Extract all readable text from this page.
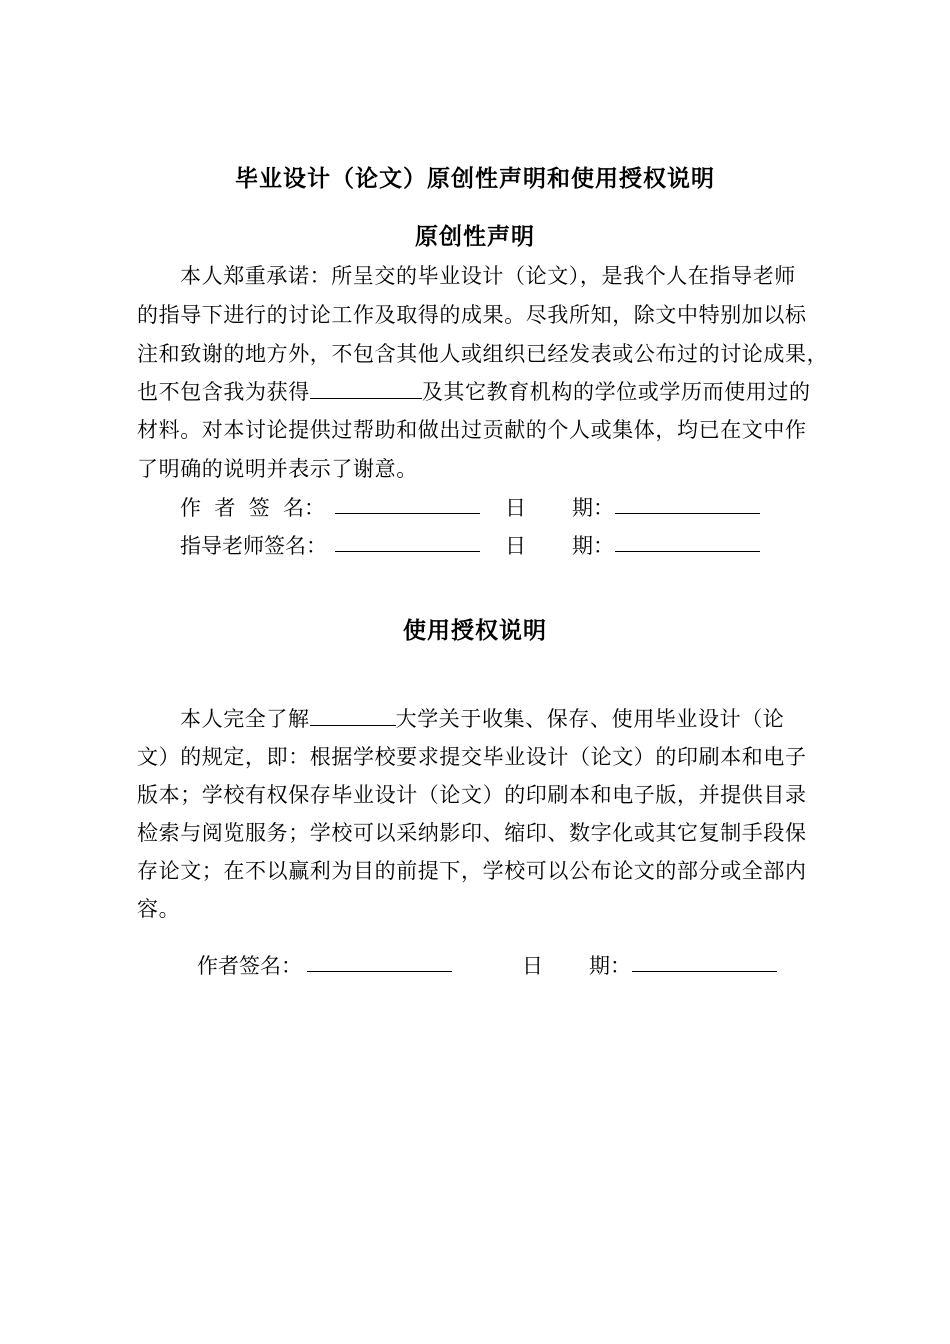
毕业设计（论文）原创性声明和使用授权说明
原创性声明
本人郑重承诺：所呈交的毕业设计（论文），是我个人在指导老师
的指导下进行的讨论工作及取得的成果。尽我所知，除文中特别加以标
注和致谢的地方外，不包含其他人或组织已经发表或公布过的讨论成果，
也不包含我为获得	及其它教育机构的学位或学历而使用过的
材料。对本讨论提供过帮助和做出过贡献的个人或集体，均已在文中作
了明确的说明并表示了谢意。
作  者  签  名：	日 期：
指导老师签名：	日 期：
使用授权说明
本人完全了解	大学关于收集、保存、使用毕业设计（论
文）的规定，即：根据学校要求提交毕业设计（论文）的印刷本和电子
版本；学校有权保存毕业设计（论文）的印刷本和电子版，并提供目录
检索与阅览服务；学校可以采纳影印、缩印、数字化或其它复制手段保
存论文；在不以赢利为目的前提下，学校可以公布论文的部分或全部内
容。
作者签名：	日 期：
